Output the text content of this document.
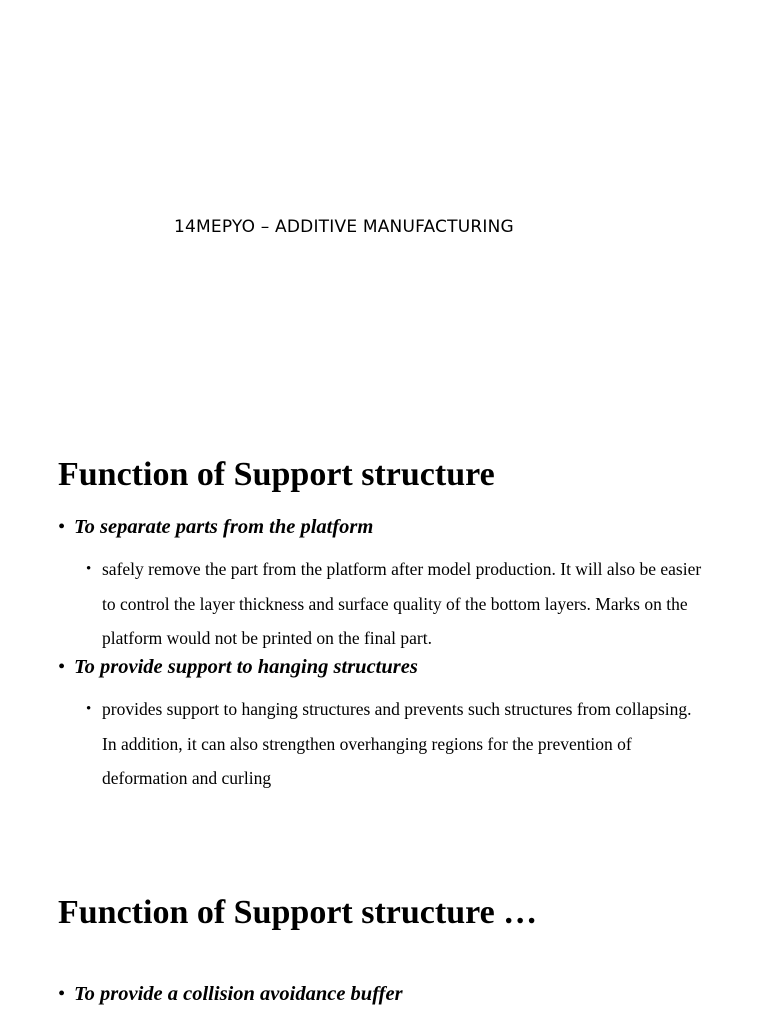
14MEPYO – ADDITIVE MANUFACTURING
Function of Support structure
• To separate parts from the platform
• safely remove the part from the platform after model production. It will also be easier to control the layer thickness and surface quality of the bottom layers. Marks on the platform would not be printed on the final part.
• To provide support to hanging structures
• provides support to hanging structures and prevents such structures from collapsing. In addition, it can also strengthen overhanging regions for the prevention of deformation and curling
Function of Support structure …
• To provide a collision avoidance buffer
